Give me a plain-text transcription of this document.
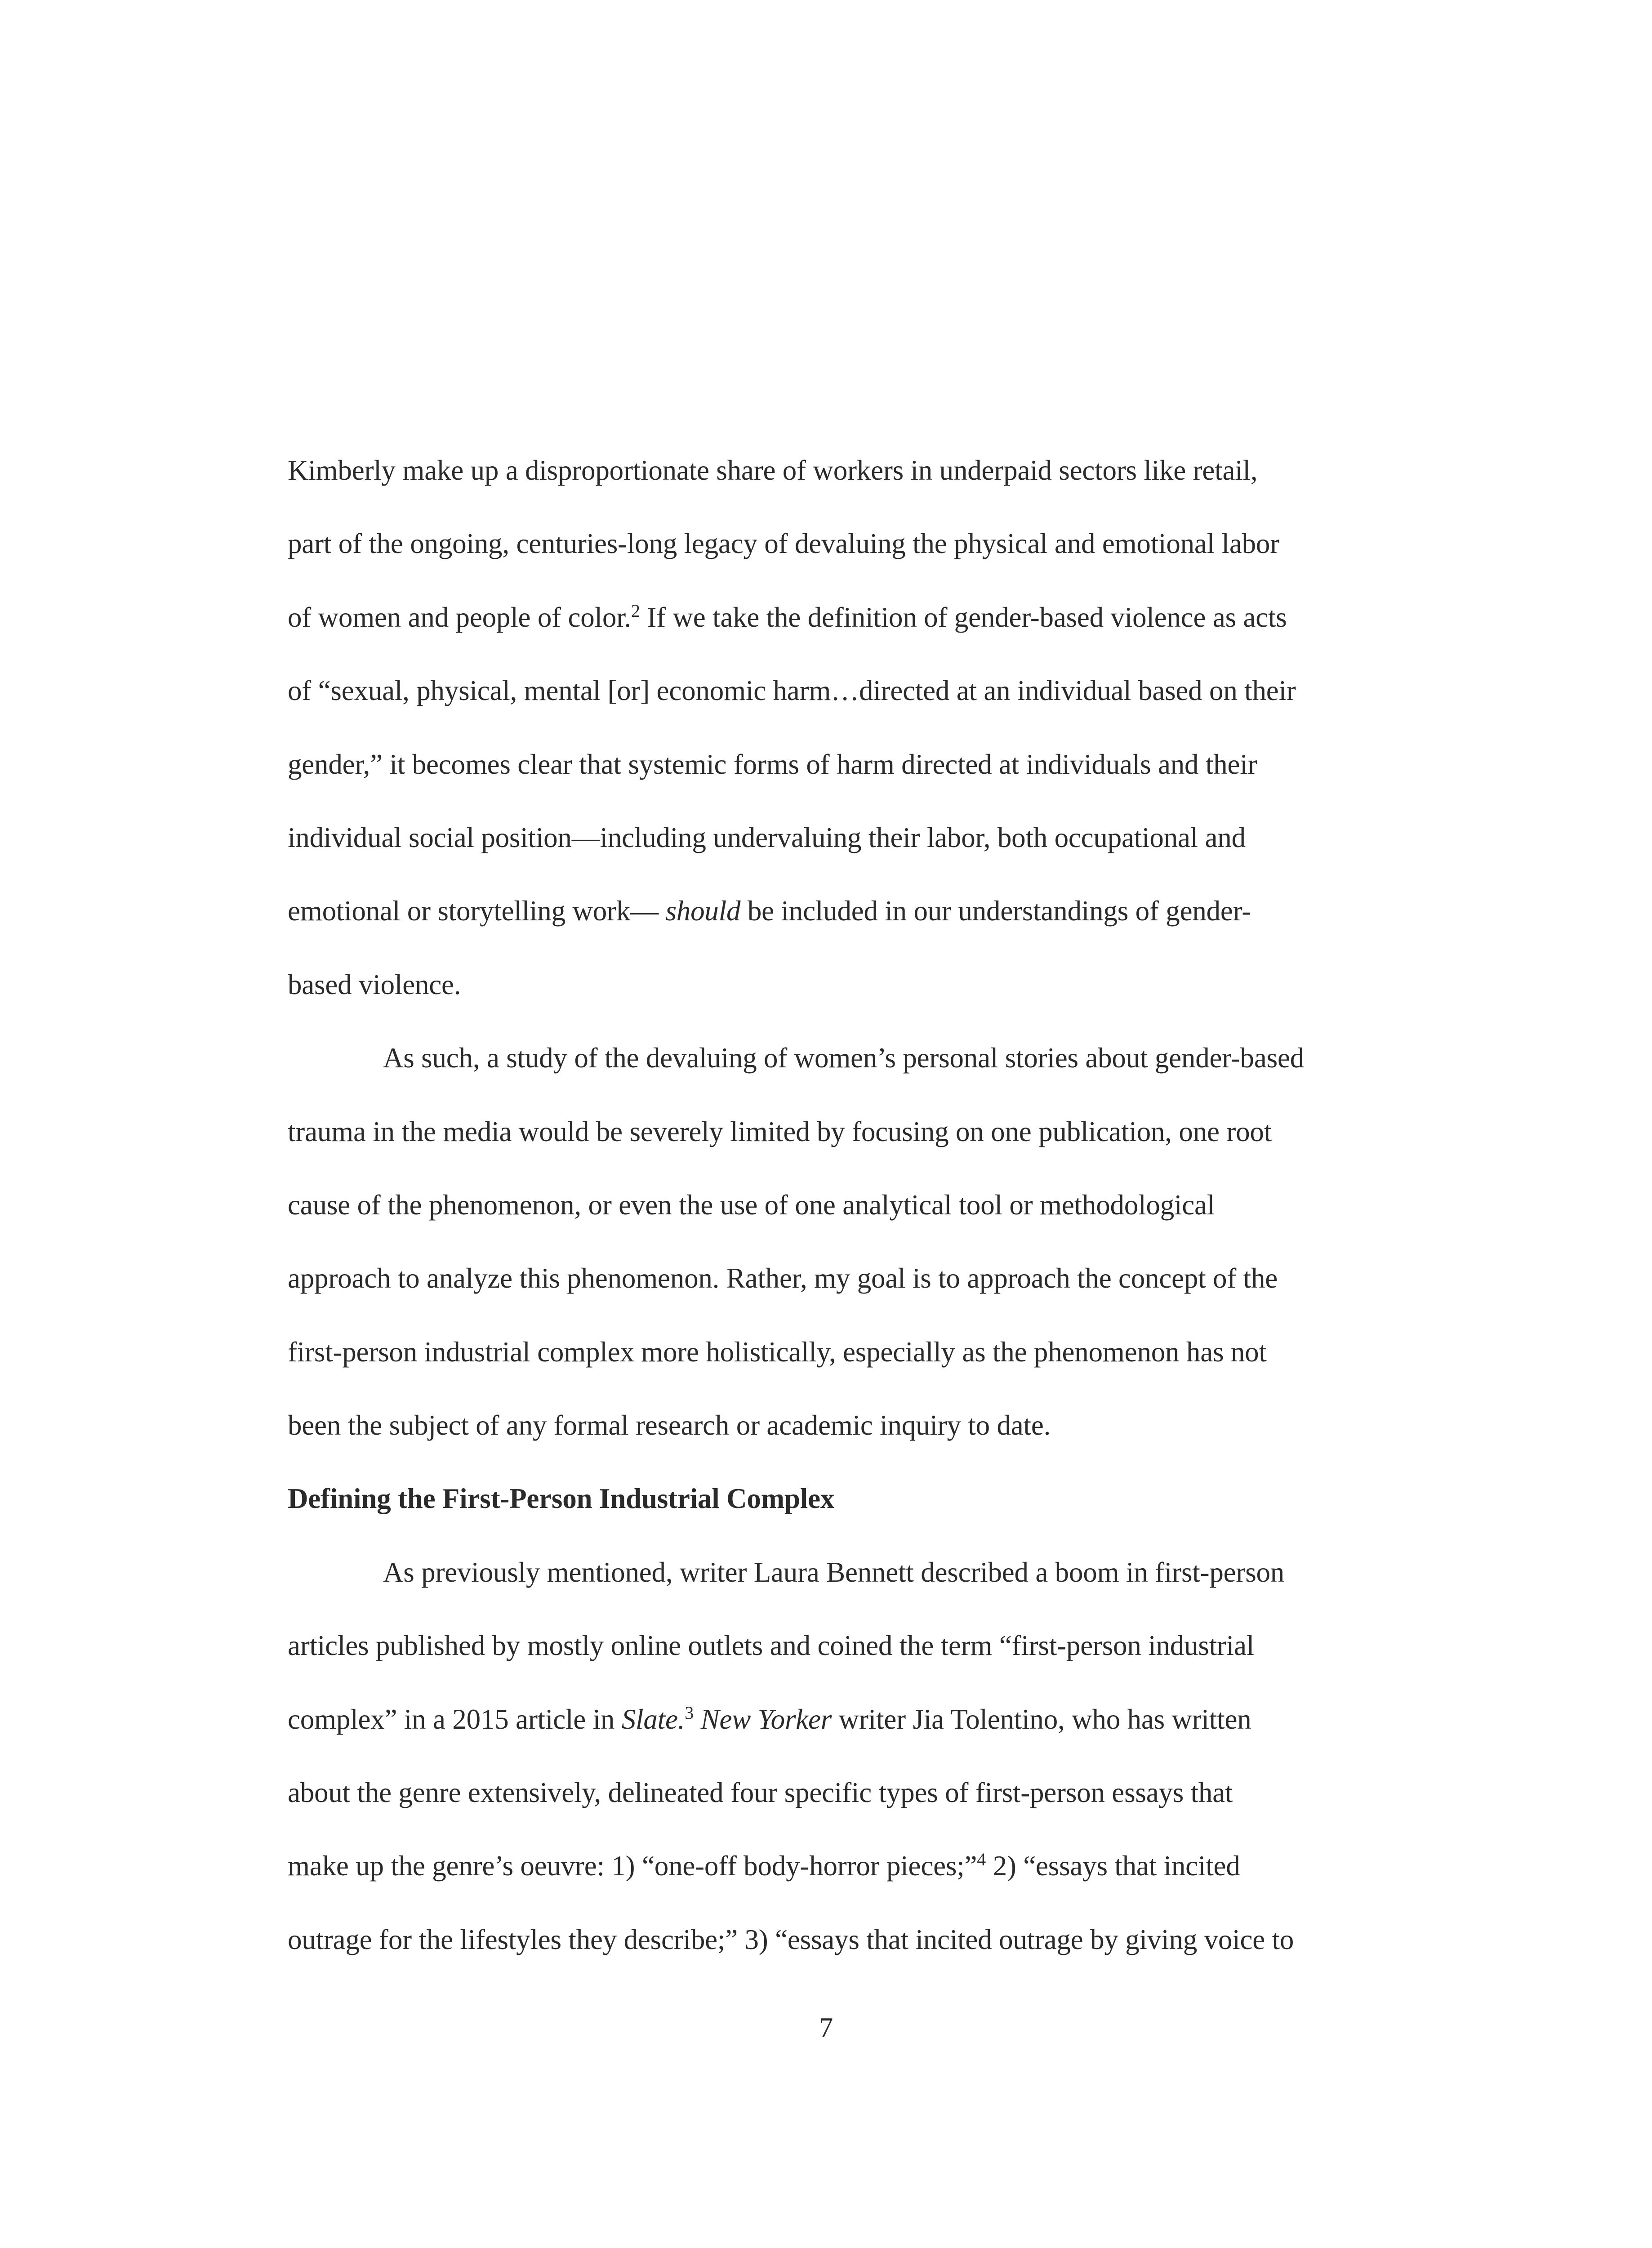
Kimberly make up a disproportionate share of workers in underpaid sectors like retail,
part of the ongoing, centuries-long legacy of devaluing the physical and emotional labor
of women and people of color.$^2$ If we take the definition of gender-based violence as acts
of “sexual, physical, mental [or] economic harm…directed at an individual based on their
gender,” it becomes clear that systemic forms of harm directed at individuals and their
individual social position—including undervaluing their labor, both occupational and
emotional or storytelling work— should be included in our understandings of gender-
based violence.
As such, a study of the devaluing of women’s personal stories about gender-based
trauma in the media would be severely limited by focusing on one publication, one root
cause of the phenomenon, or even the use of one analytical tool or methodological
approach to analyze this phenomenon. Rather, my goal is to approach the concept of the
first-person industrial complex more holistically, especially as the phenomenon has not
been the subject of any formal research or academic inquiry to date.
Defining the First-Person Industrial Complex
As previously mentioned, writer Laura Bennett described a boom in first-person
articles published by mostly online outlets and coined the term “first-person industrial
complex” in a 2015 article in Slate.$^3$ New Yorker writer Jia Tolentino, who has written
about the genre extensively, delineated four specific types of first-person essays that
make up the genre’s oeuvre: 1) “one-off body-horror pieces;”$^4$ 2) “essays that incited
outrage for the lifestyles they describe;” 3) “essays that incited outrage by giving voice to
7
